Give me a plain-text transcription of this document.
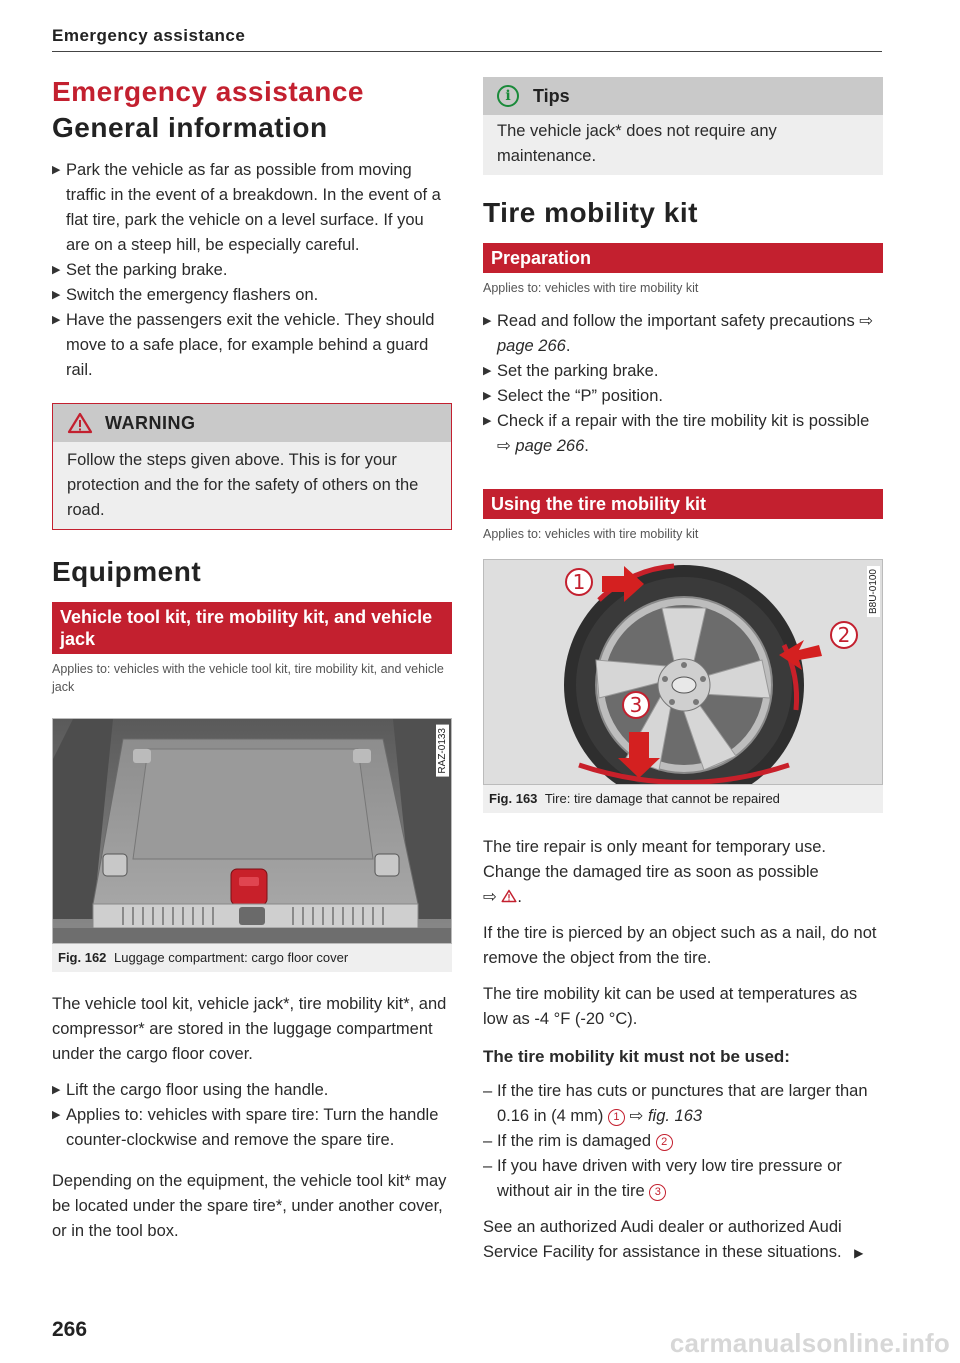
Emergency assistance
Emergency assistance
General information
▶ Park the vehicle as far as possible from moving traffic in the event of a breakdown. In the event of a flat tire, park the vehicle on a level surface. If you are on a steep hill, be especially careful.
▶ Set the parking brake.
▶ Switch the emergency flashers on.
▶ Have the passengers exit the vehicle. They should move to a safe place, for example behind a guard rail.
WARNING

Follow the steps given above. This is for your protection and the for the safety of others on the road.

Equipment
Vehicle tool kit, tire mobility kit, and vehicle jack
Applies to: vehicles with the vehicle tool kit, tire mobility kit, and vehicle jack
RAZ-0133
Fig. 162 Luggage compartment: cargo floor cover

The vehicle tool kit, vehicle jack*, tire mobility kit*, and compressor* are stored in the luggage compartment under the cargo floor cover.

▶ Lift the cargo floor using the handle.
▶ Applies to: vehicles with spare tire: Turn the handle counter-clockwise and remove the spare tire.

Depending on the equipment, the vehicle tool kit* may be located under the spare tire*, under another cover, or in the tool box.

i	Tips

The vehicle jack* does not require any maintenance.

Tire mobility kit
Preparation
Applies to: vehicles with tire mobility kit
▶ Read and follow the important safety precautions ⇨ page 266.
▶ Set the parking brake.
▶ Select the “P” position.
▶ Check if a repair with the tire mobility kit is possible ⇨ page 266.
Using the tire mobility kit
Applies to: vehicles with tire mobility kit
1
2
3
B8U-0100
Fig. 163 Tire: tire damage that cannot be repaired

The tire repair is only meant for temporary use. Change the damaged tire as soon as possible
⇨ .

If the tire is pierced by an object such as a nail, do not remove the object from the tire.

The tire mobility kit can be used at temperatures as low as -4 °F (-20 °C).

The tire mobility kit must not be used:

– If the tire has cuts or punctures that are larger than 0.16 in (4 mm) 1 ⇨ fig. 163
– If the rim is damaged 2
– If you have driven with very low tire pressure or without air in the tire 3

See an authorized Audi dealer or authorized Audi Service Facility for assistance in these situations. ▶

266	carmanualsonline.info
